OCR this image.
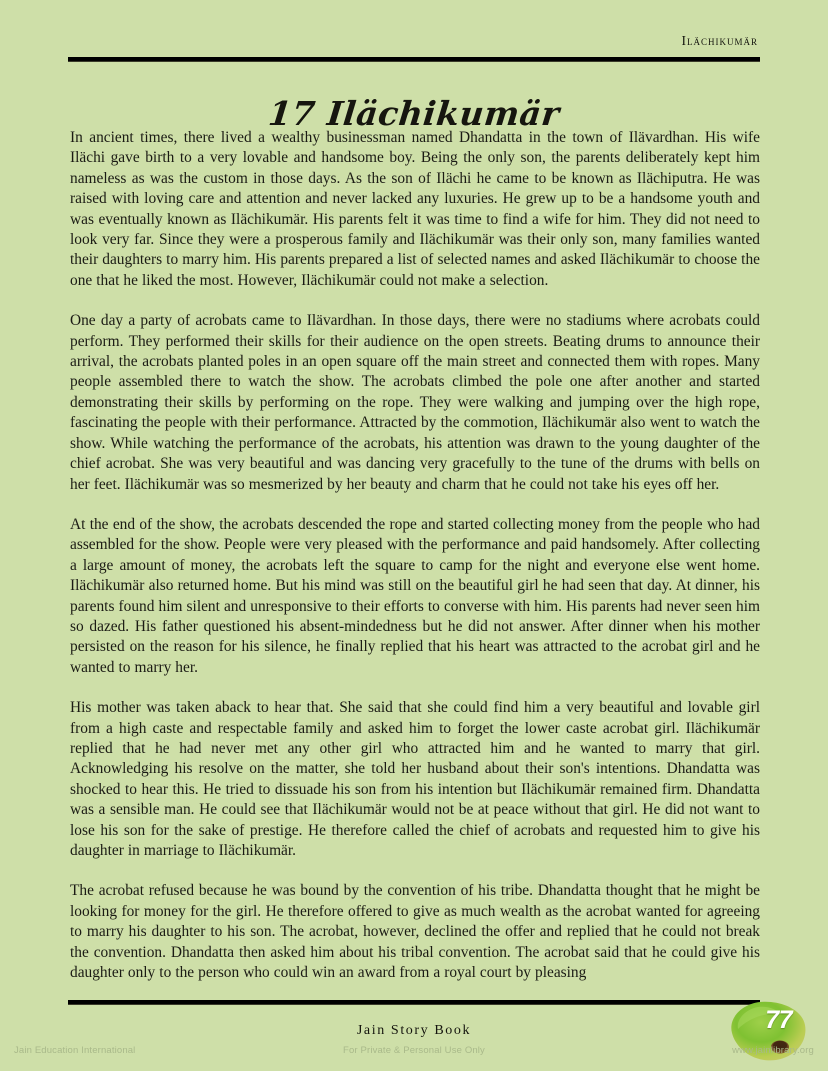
Ilächikumär
17 Ilächikumär

In ancient times, there lived a wealthy businessman named Dhandatta in the town of Ilävardhan. His wife Ilächi gave birth to a very lovable and handsome boy. Being the only son, the parents deliberately kept him nameless as was the custom in those days. As the son of Ilächi he came to be known as Ilächiputra. He was raised with loving care and attention and never lacked any luxuries. He grew up to be a handsome youth and was eventually known as Ilächikumär. His parents felt it was time to find a wife for him. They did not need to look very far. Since they were a prosperous family and Ilächikumär was their only son, many families wanted their daughters to marry him. His parents prepared a list of selected names and asked Ilächikumär to choose the one that he liked the most. However, Ilächikumär could not make a selection.

One day a party of acrobats came to Ilävardhan. In those days, there were no stadiums where acrobats could perform. They performed their skills for their audience on the open streets. Beating drums to announce their arrival, the acrobats planted poles in an open square off the main street and connected them with ropes. Many people assembled there to watch the show. The acrobats climbed the pole one after another and started demonstrating their skills by performing on the rope. They were walking and jumping over the high rope, fascinating the people with their performance. Attracted by the commotion, Ilächikumär also went to watch the show. While watching the performance of the acrobats, his attention was drawn to the young daughter of the chief acrobat. She was very beautiful and was dancing very gracefully to the tune of the drums with bells on her feet. Ilächikumär was so mesmerized by her beauty and charm that he could not take his eyes off her.

At the end of the show, the acrobats descended the rope and started collecting money from the people who had assembled for the show. People were very pleased with the performance and paid handsomely. After collecting a large amount of money, the acrobats left the square to camp for the night and everyone else went home. Ilächikumär also returned home. But his mind was still on the beautiful girl he had seen that day. At dinner, his parents found him silent and unresponsive to their efforts to converse with him. His parents had never seen him so dazed. His father questioned his absent-mindedness but he did not answer. After dinner when his mother persisted on the reason for his silence, he finally replied that his heart was attracted to the acrobat girl and he wanted to marry her.

His mother was taken aback to hear that. She said that she could find him a very beautiful and lovable girl from a high caste and respectable family and asked him to forget the lower caste acrobat girl. Ilächikumär replied that he had never met any other girl who attracted him and he wanted to marry that girl. Acknowledging his resolve on the matter, she told her husband about their son's intentions. Dhandatta was shocked to hear this. He tried to dissuade his son from his intention but Ilächikumär remained firm. Dhandatta was a sensible man. He could see that Ilächikumär would not be at peace without that girl. He did not want to lose his son for the sake of prestige. He therefore called the chief of acrobats and requested him to give his daughter in marriage to Ilächikumär.

The acrobat refused because he was bound by the convention of his tribe. Dhandatta thought that he might be looking for money for the girl. He therefore offered to give as much wealth as the acrobat wanted for agreeing to marry his daughter to his son. The acrobat, however, declined the offer and replied that he could not break the convention. Dhandatta then asked him about his tribal convention. The acrobat said that he could give his daughter only to the person who could win an award from a royal court by pleasing

Jain Story Book	77
Jain Education International	For Private & Personal Use Only	www.jainlibrary.org
